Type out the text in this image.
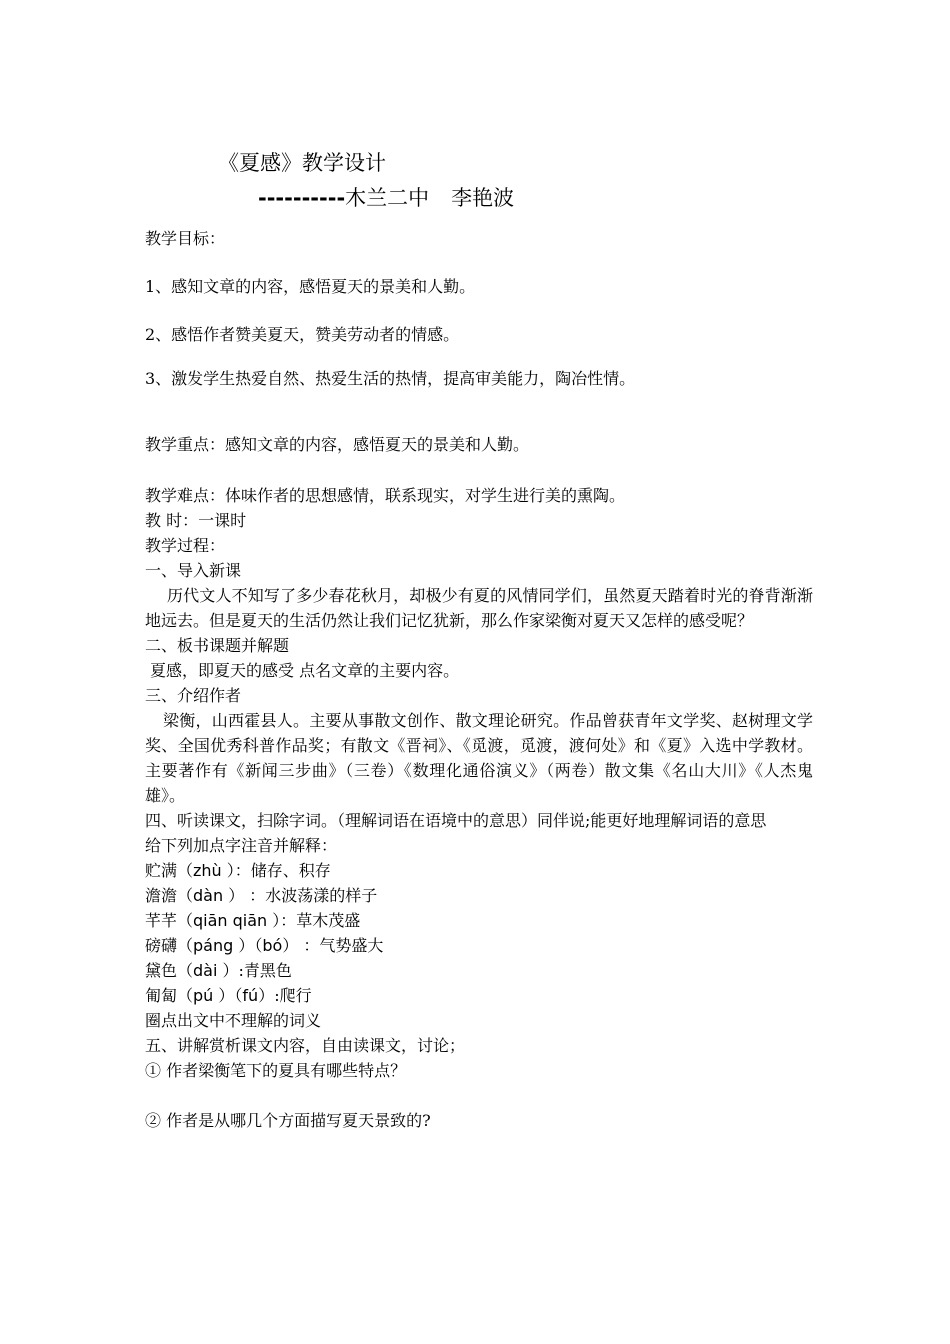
《夏感》教学设计
----------木兰二中 李艳波
教学目标：
1、感知文章的内容，感悟夏天的景美和人勤。
2、感悟作者赞美夏天，赞美劳动者的情感。
3、激发学生热爱自然、热爱生活的热情，提高审美能力，陶冶性情。
教学重点：感知文章的内容，感悟夏天的景美和人勤。
教学难点：体味作者的思想感情，联系现实，对学生进行美的熏陶。
教 时：一课时
教学过程：
一、导入新课
历代文人不知写了多少春花秋月，却极少有夏的风情同学们，虽然夏天踏着时光的脊背渐渐地远去。但是夏天的生活仍然让我们记忆犹新，那么作家梁衡对夏天又怎样的感受呢？
二、板书课题并解题
夏感，即夏天的感受 点名文章的主要内容。
三、介绍作者
梁衡，山西霍县人。主要从事散文创作、散文理论研究。作品曾获青年文学奖、赵树理文学奖、全国优秀科普作品奖；有散文《晋祠》、《觅渡，觅渡，渡何处》和《夏》入选中学教材。主要著作有《新闻三步曲》（三卷）《数理化通俗演义》（两卷）散文集《名山大川》《人杰鬼雄》。
四、听读课文，扫除字词。（理解词语在语境中的意思）同伴说;能更好地理解词语的意思
给下列加点字注音并解释：
贮满（zhù ）：储存、积存
澹澹（dàn ） ：水波荡漾的样子
芊芊（qiān qiān ）：草木茂盛
磅礴（páng ）（bó） ：气势盛大
黛色（dài ）:青黑色
匍匐（pú ）（fú）:爬行
圈点出文中不理解的词义
五、讲解赏析课文内容，自由读课文，讨论；
① 作者梁衡笔下的夏具有哪些特点？
② 作者是从哪几个方面描写夏天景致的?
